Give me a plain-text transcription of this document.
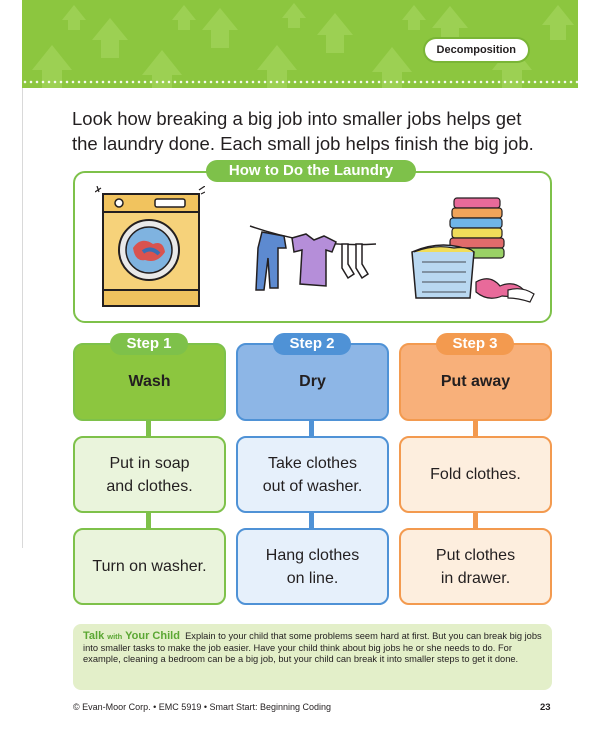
Decomposition
Look how breaking a big job into smaller jobs helps get the laundry done. Each small job helps finish the big job.
How to Do the Laundry
Wash
Step 1
Put in soap
and clothes.
Turn on washer.
Dry
Step 2
Take clothes
out of washer.
Hang clothes
on line.
Put away
Step 3
Fold clothes.
Put clothes
in drawer.
Talk with Your Child Explain to your child that some problems seem hard at first. But you can break big jobs into smaller tasks to make the job easier. Have your child think about big jobs he or she needs to do. For example, cleaning a bedroom can be a big job, but your child can break it into smaller steps to get it done.
© Evan-Moor Corp. • EMC 5919 • Smart Start: Beginning Coding	23
